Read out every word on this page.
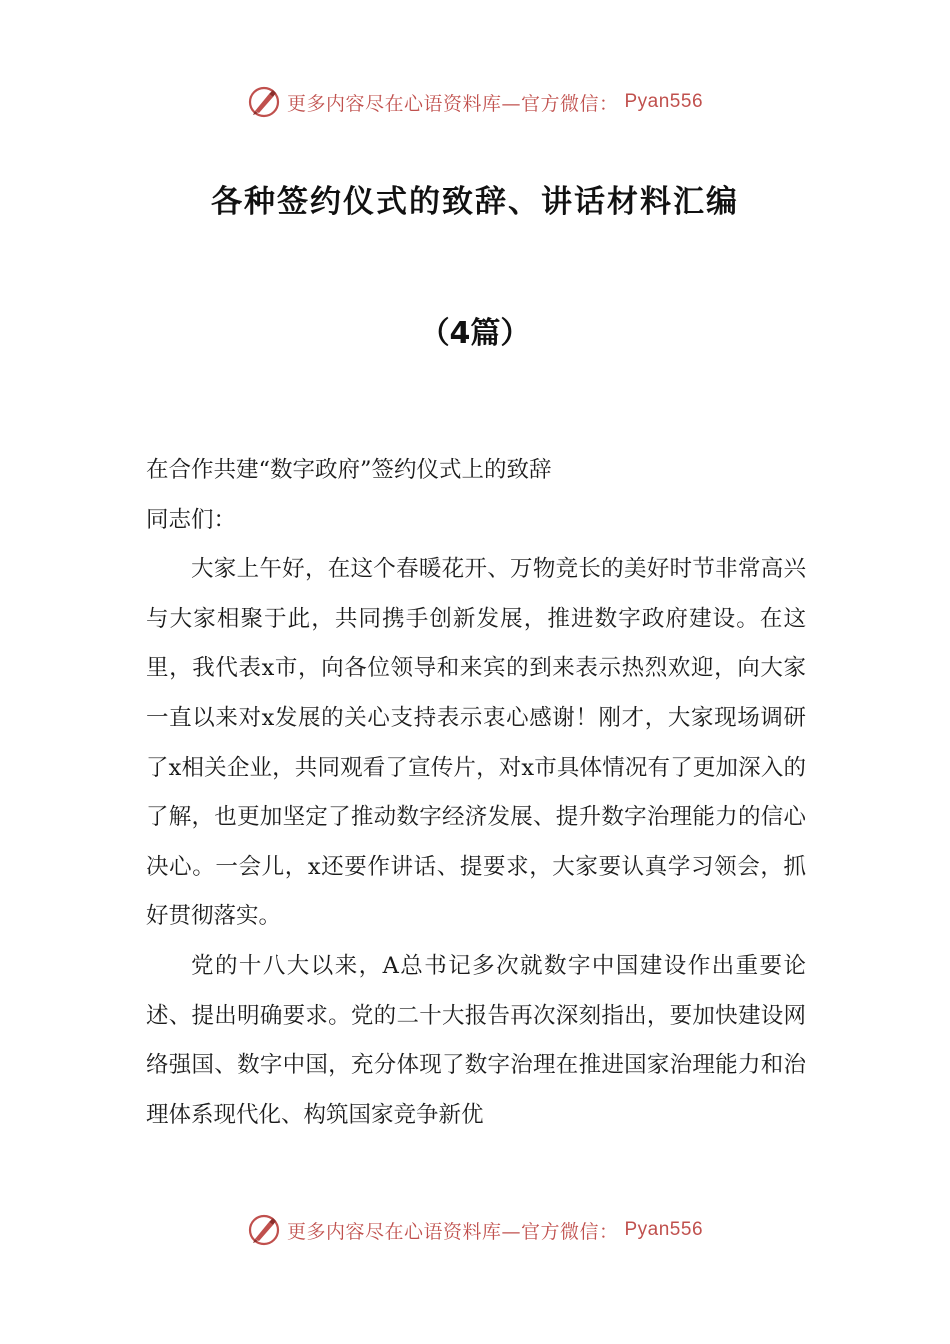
更多内容尽在心语资料库—官方微信： Pyan556
各种签约仪式的致辞、讲话材料汇编
（4篇）

在合作共建“数字政府”签约仪式上的致辞

同志们：

大家上午好，在这个春暖花开、万物竞长的美好时节非常高兴与大家相聚于此，共同携手创新发展，推进数字政府建设。在这里，我代表x市，向各位领导和来宾的到来表示热烈欢迎，向大家一直以来对x发展的关心支持表示衷心感谢！刚才，大家现场调研了x相关企业，共同观看了宣传片，对x市具体情况有了更加深入的了解，也更加坚定了推动数字经济发展、提升数字治理能力的信心决心。一会儿，x还要作讲话、提要求，大家要认真学习领会，抓好贯彻落实。

党的十八大以来，A总书记多次就数字中国建设作出重要论述、提出明确要求。党的二十大报告再次深刻指出，要加快建设网络强国、数字中国，充分体现了数字治理在推进国家治理能力和治理体系现代化、构筑国家竞争新优

更多内容尽在心语资料库—官方微信： Pyan556
